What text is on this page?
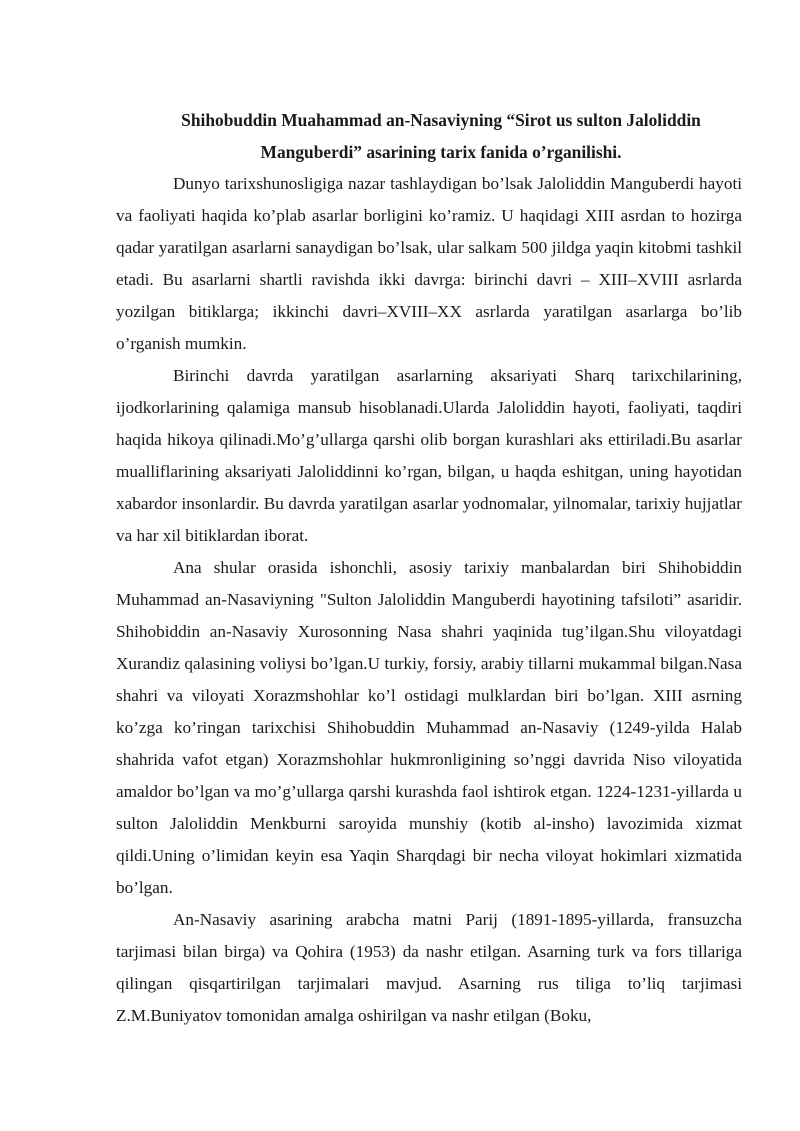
Shihobuddin Muahammad an-Nasaviyning “Sirot us sulton Jaloliddin Manguberdi” asarining tarix fanida o’rganilishi.

Dunyo tarixshunosligiga nazar tashlaydigan bo’lsak Jaloliddin Manguberdi hayoti va faoliyati haqida ko’plab asarlar borligini ko’ramiz. U haqidagi XIII asrdan to hozirga qadar yaratilgan asarlarni sanaydigan bo’lsak, ular salkam 500 jildga yaqin kitobmi tashkil etadi. Bu asarlarni shartli ravishda ikki davrga: birinchi davri – XIII–XVIII asrlarda yozilgan bitiklarga; ikkinchi davri–XVIII–XX asrlarda yaratilgan asarlarga bo’lib o’rganish mumkin.

Birinchi davrda yaratilgan asarlarning aksariyati Sharq tarixchilarining, ijodkorlarining qalamiga mansub hisoblanadi.Ularda Jaloliddin hayoti, faoliyati, taqdiri haqida hikoya qilinadi.Mo’g’ullarga qarshi olib borgan kurashlari aks ettiriladi.Bu asarlar mualliflarining aksariyati Jaloliddinni ko’rgan, bilgan, u haqda eshitgan, uning hayotidan xabardor insonlardir. Bu davrda yaratilgan asarlar yodnomalar, yilnomalar, tarixiy hujjatlar va har xil bitiklardan iborat.

Ana shular orasida ishonchli, asosiy tarixiy manbalardan biri Shihobiddin Muhammad an-Nasaviyning "Sulton Jaloliddin Manguberdi hayotining tafsiloti” asaridir. Shihobiddin an-Nasaviy Xurosonning Nasa shahri yaqinida tug’ilgan.Shu viloyatdagi Xurandiz qalasining voliysi bo’lgan.U turkiy, forsiy, arabiy tillarni mukammal bilgan.Nasa shahri va viloyati Xorazmshohlar ko’l ostidagi mulklardan biri bo’lgan. XIII asrning ko’zga ko’ringan tarixchisi Shihobuddin Muhammad an-Nasaviy (1249-yilda Halab shahrida vafot etgan) Xorazmshohlar hukmronligining so’nggi davrida Niso viloyatida amaldor bo’lgan va mo’g’ullarga qarshi kurashda faol ishtirok etgan. 1224-1231-yillarda u sulton Jaloliddin Menkburni saroyida munshiy (kotib al-insho) lavozimida xizmat qildi.Uning o’limidan keyin esa Yaqin Sharqdagi bir necha viloyat hokimlari xizmatida bo’lgan.

An-Nasaviy asarining arabcha matni Parij (1891-1895-yillarda, fransuzcha tarjimasi bilan birga) va Qohira (1953) da nashr etilgan. Asarning turk va fors tillariga qilingan qisqartirilgan tarjimalari mavjud. Asarning rus tiliga to’liq tarjimasi Z.M.Buniyatov tomonidan amalga oshirilgan va nashr etilgan (Boku,
